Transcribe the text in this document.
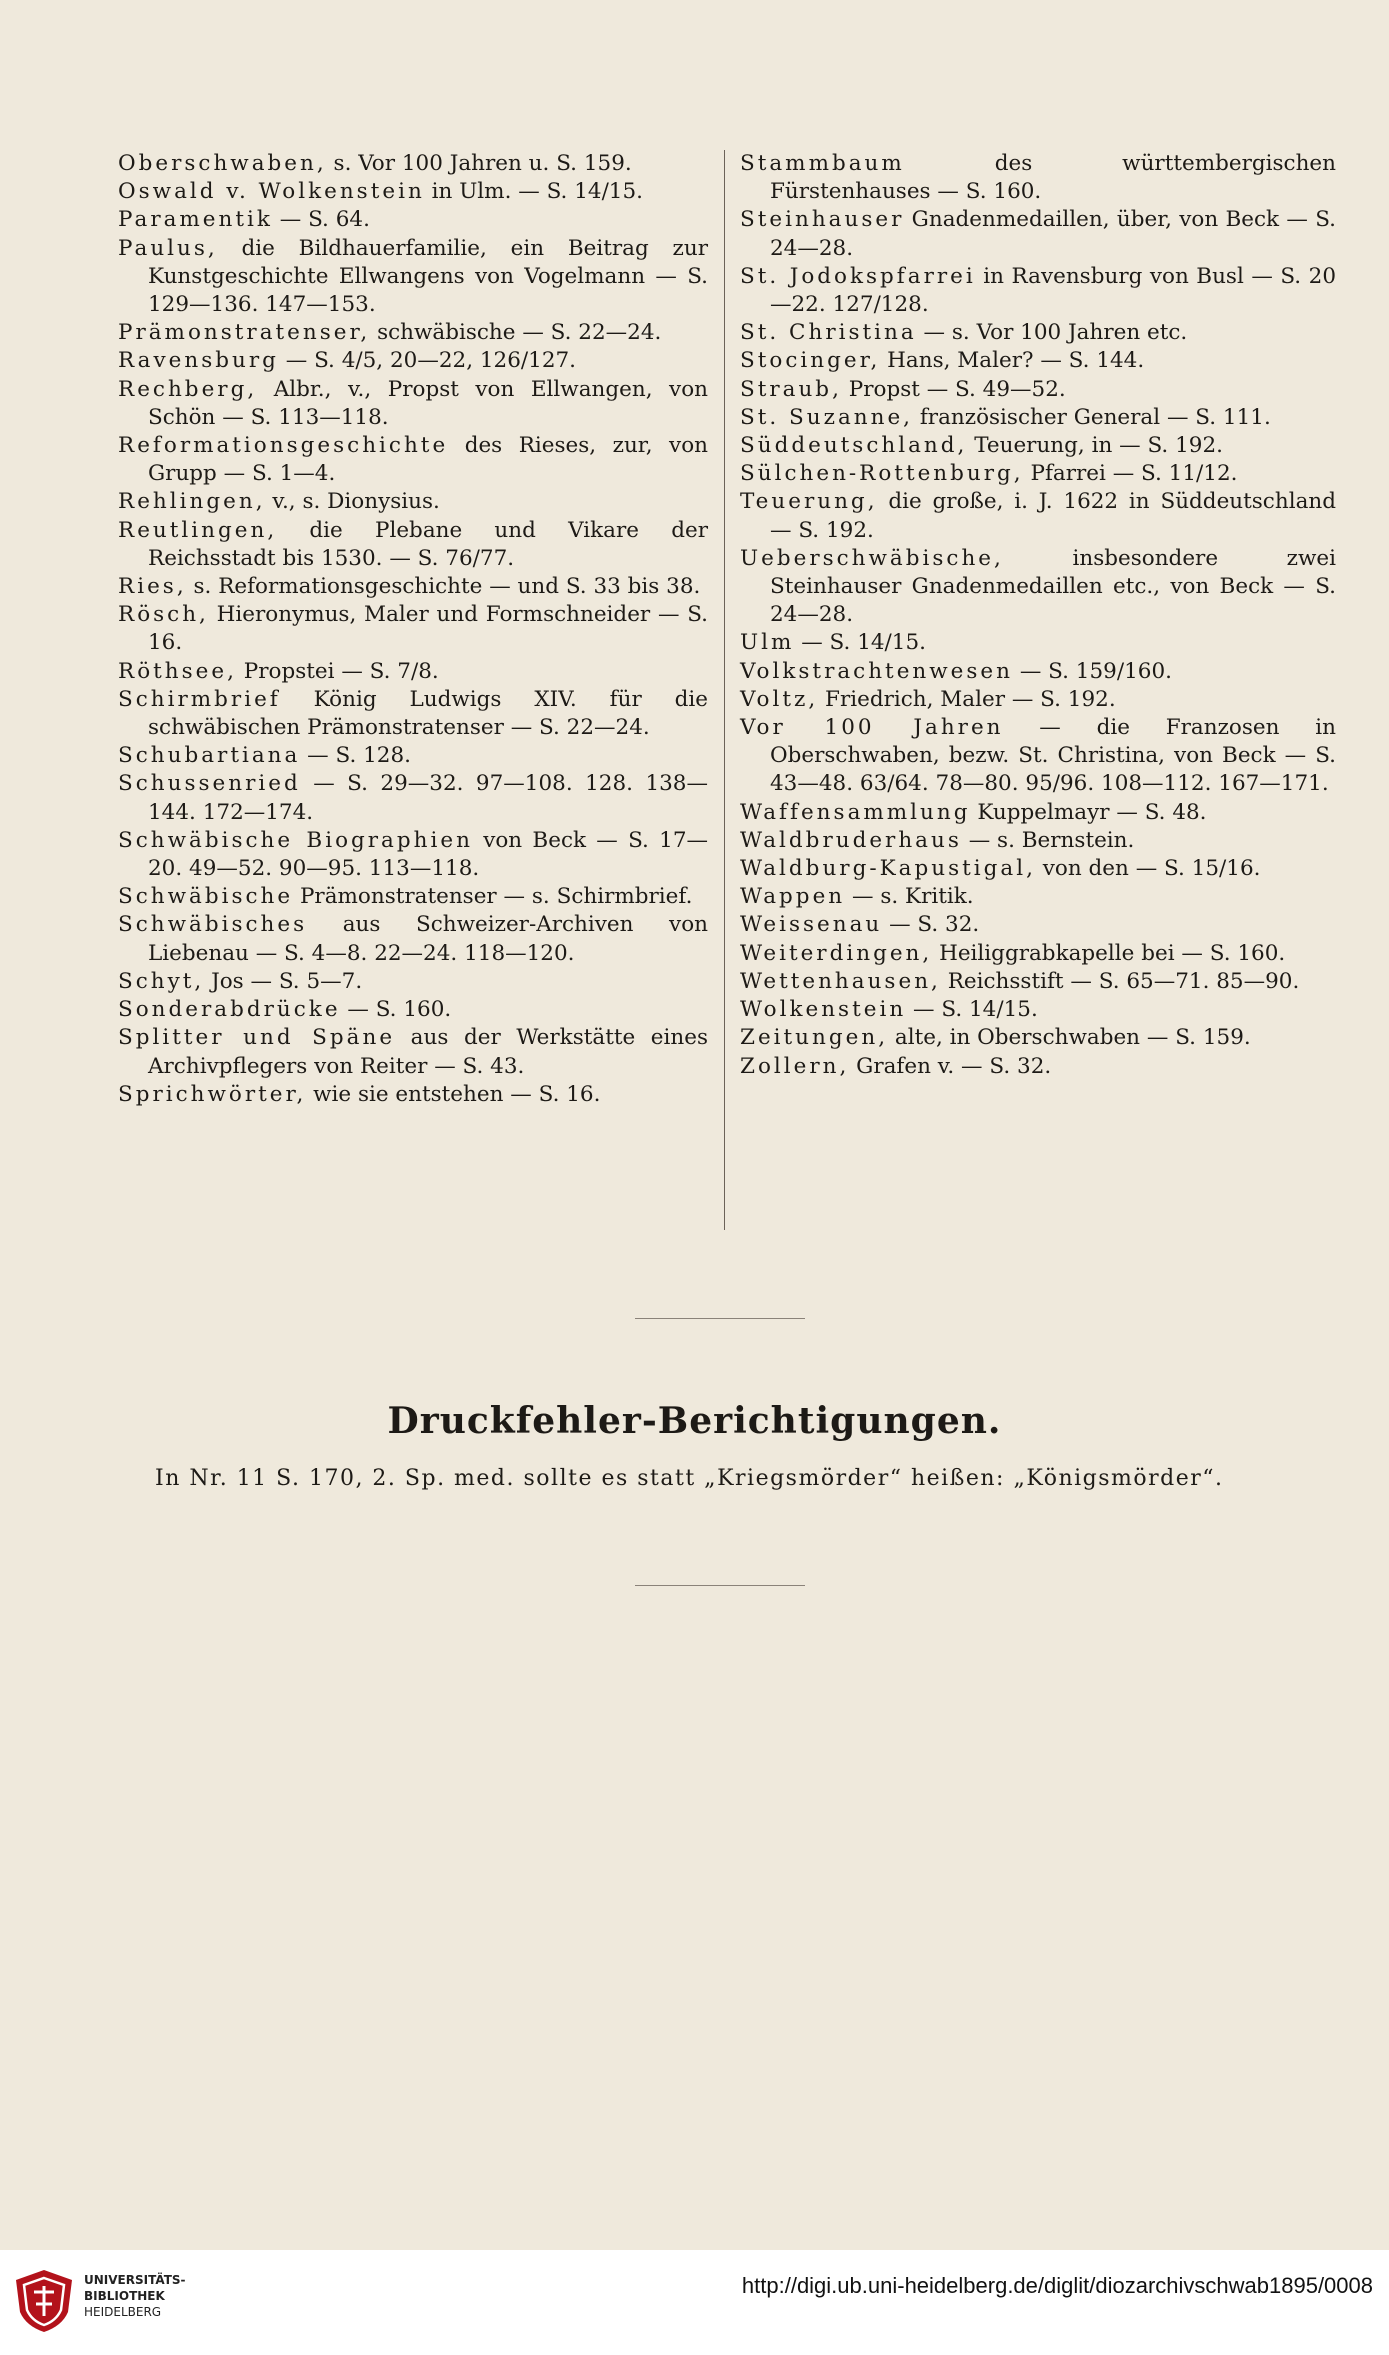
Oberschwaben, s. Vor 100 Jahren u. S. 159.

Oswald v. Wolkenstein in Ulm. — S. 14/15.

Paramentik — S. 64.

Paulus, die Bildhauerfamilie, ein Beitrag zur Kunstgeschichte Ellwangens von Vogelmann — S. 129—136. 147—153.

Prämonstratenser, schwäbische — S. 22—24.

Ravensburg — S. 4/5, 20—22, 126/127.

Rechberg, Albr., v., Propst von Ellwangen, von Schön — S. 113—118.

Reformationsgeschichte des Rieses, zur, von Grupp — S. 1—4.

Rehlingen, v., s. Dionysius.

Reutlingen, die Plebane und Vikare der Reichsstadt bis 1530. — S. 76/77.

Ries, s. Reformationsgeschichte — und S. 33 bis 38.

Rösch, Hieronymus, Maler und Formschneider — S. 16.

Röthsee, Propstei — S. 7/8.

Schirmbrief König Ludwigs XIV. für die schwäbischen Prämonstratenser — S. 22—24.

Schubartiana — S. 128.

Schussenried — S. 29—32. 97—108. 128. 138—144. 172—174.

Schwäbische Biographien von Beck — S. 17—20. 49—52. 90—95. 113—118.

Schwäbische Prämonstratenser — s. Schirmbrief.

Schwäbisches aus Schweizer-Archiven von Liebenau — S. 4—8. 22—24. 118—120.

Schyt, Jos — S. 5—7.

Sonderabdrücke — S. 160.

Splitter und Späne aus der Werkstätte eines Archivpflegers von Reiter — S. 43.

Sprichwörter, wie sie entstehen — S. 16.

Stammbaum des württembergischen Fürstenhauses — S. 160.

Steinhauser Gnadenmedaillen, über, von Beck — S. 24—28.

St. Jodokspfarrei in Ravensburg von Busl — S. 20—22. 127/128.

St. Christina — s. Vor 100 Jahren etc.

Stocinger, Hans, Maler? — S. 144.

Straub, Propst — S. 49—52.

St. Suzanne, französischer General — S. 111.

Süddeutschland, Teuerung, in — S. 192.

Sülchen-Rottenburg, Pfarrei — S. 11/12.

Teuerung, die große, i. J. 1622 in Süddeutschland — S. 192.

Ueberschwäbische, insbesondere zwei Steinhauser Gnadenmedaillen etc., von Beck — S. 24—28.

Ulm — S. 14/15.

Volkstrachtenwesen — S. 159/160.

Voltz, Friedrich, Maler — S. 192.

Vor 100 Jahren — die Franzosen in Oberschwaben, bezw. St. Christina, von Beck — S. 43—48. 63/64. 78—80. 95/96. 108—112. 167—171.

Waffensammlung Kuppelmayr — S. 48.

Waldbruderhaus — s. Bernstein.

Waldburg-Kapustigal, von den — S. 15/16.

Wappen — s. Kritik.

Weissenau — S. 32.

Weiterdingen, Heiliggrabkapelle bei — S. 160.

Wettenhausen, Reichsstift — S. 65—71. 85—90.

Wolkenstein — S. 14/15.

Zeitungen, alte, in Oberschwaben — S. 159.

Zollern, Grafen v. — S. 32.

Druckfehler-Berichtigungen.
In Nr. 11 S. 170, 2. Sp. med. sollte es statt „Kriegsmörder“ heißen: „Königsmörder“.
UNIVERSITÄTS-
BIBLIOTHEK
HEIDELBERG
http://digi.ub.uni-heidelberg.de/diglit/diozarchivschwab1895/0008
